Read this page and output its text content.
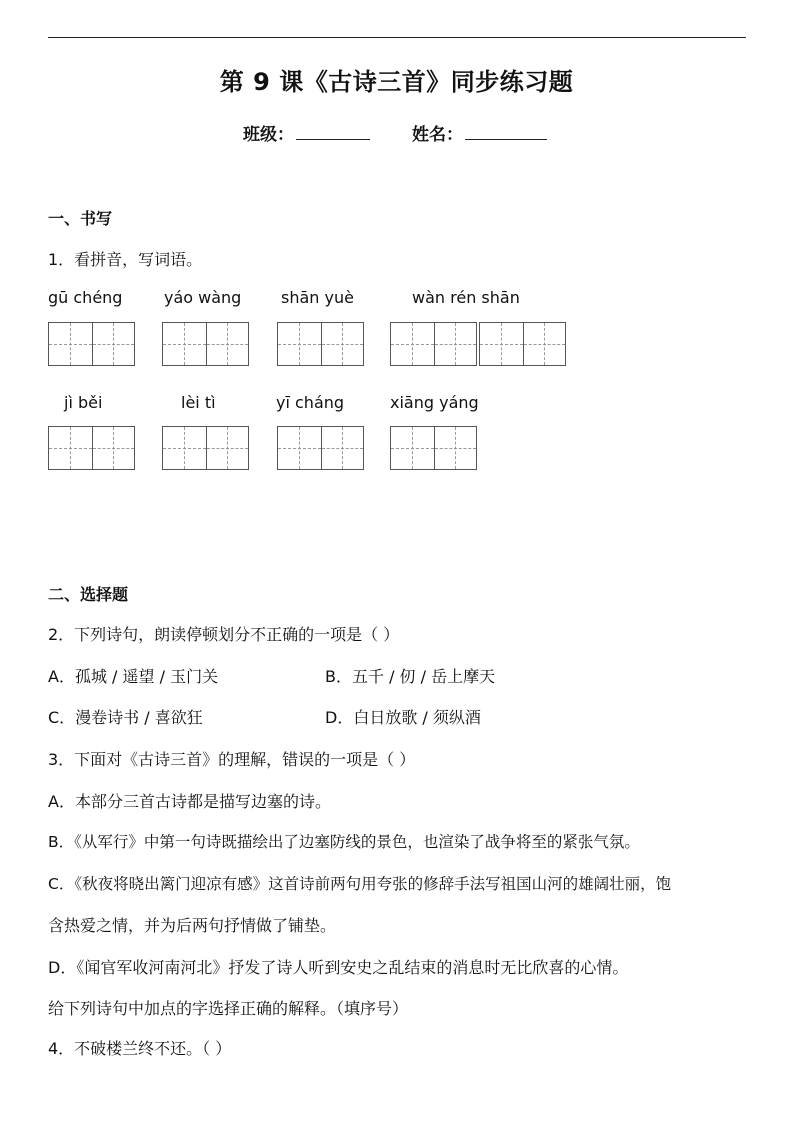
第 9 课《古诗三首》同步练习题
班级：	姓名：
一、书写
1．看拼音，写词语。
gū chéng	yáo wàng shān yuè	wàn rén shān
jì běi	lèi tì	yī cháng	xiāng yáng
二、选择题
2．下列诗句，朗读停顿划分不正确的一项是（ ）
A．孤城 / 遥望 / 玉门关	B．五千 / 仞 / 岳上摩天
C．漫卷诗书 / 喜欲狂	D．白日放歌 / 须纵酒
3．下面对《古诗三首》的理解，错误的一项是（ ）
A．本部分三首古诗都是描写边塞的诗。
B．《从军行》中第一句诗既描绘出了边塞防线的景色，也渲染了战争将至的紧张气氛。
C．《秋夜将晓出篱门迎凉有感》这首诗前两句用夸张的修辞手法写祖国山河的雄阔壮丽，饱
含热爱之情，并为后两句抒情做了铺垫。
D．《闻官军收河南河北》抒发了诗人听到安史之乱结束的消息时无比欣喜的心情。
给下列诗句中加点的字选择正确的解释。（填序号）
4．不破楼兰终不还。（ ）
